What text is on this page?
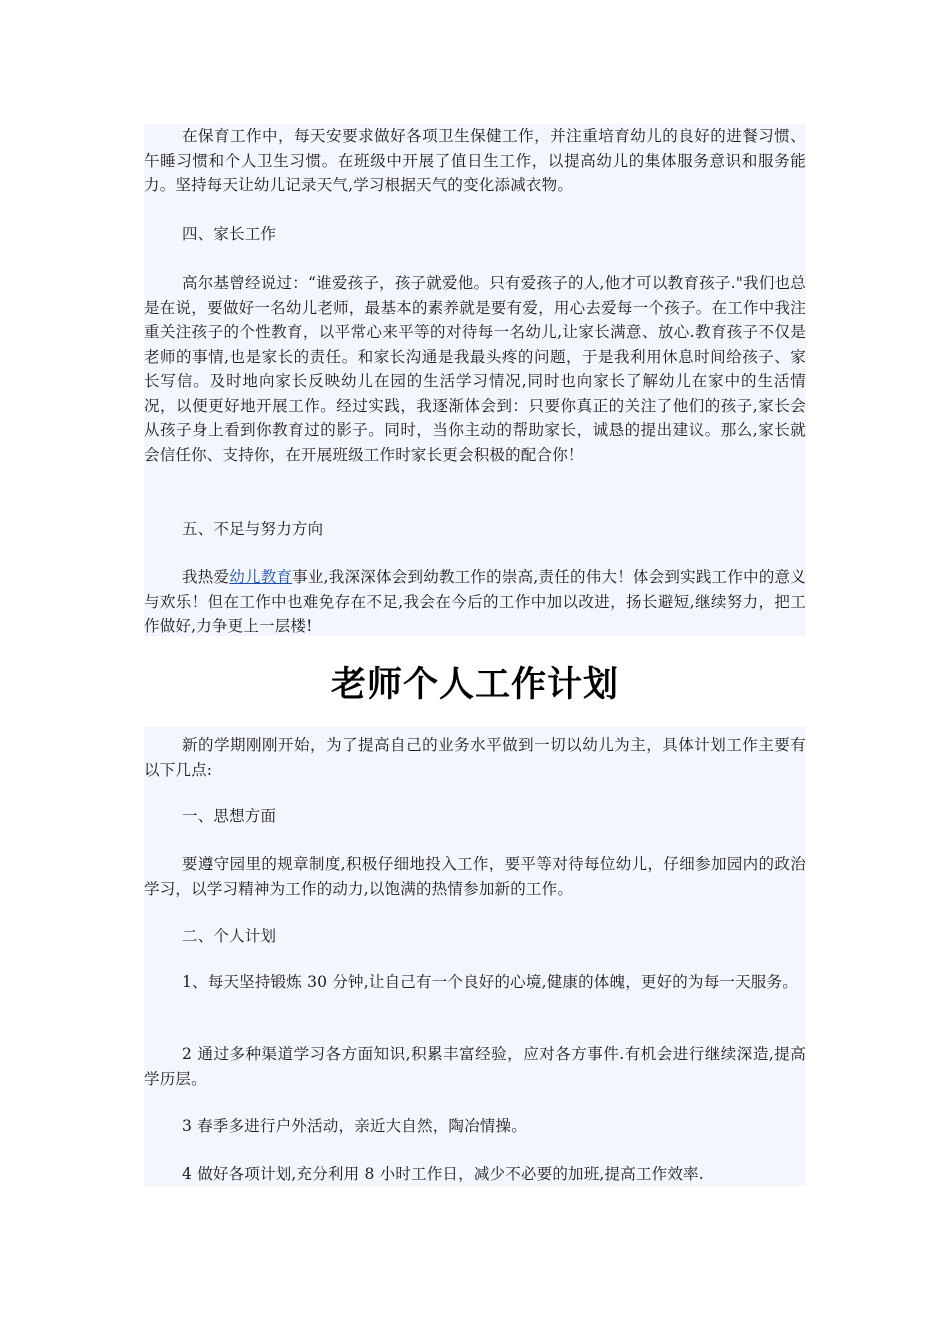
在保育工作中，每天安要求做好各项卫生保健工作，并注重培育幼儿的良好的进餐习惯、午睡习惯和个人卫生习惯。在班级中开展了值日生工作，以提高幼儿的集体服务意识和服务能力。坚持每天让幼儿记录天气,学习根据天气的变化添减衣物。

四、家长工作

高尔基曾经说过：“谁爱孩子，孩子就爱他。只有爱孩子的人,他才可以教育孩子."我们也总是在说，要做好一名幼儿老师，最基本的素养就是要有爱，用心去爱每一个孩子。在工作中我注重关注孩子的个性教育，以平常心来平等的对待每一名幼儿,让家长满意、放心.教育孩子不仅是老师的事情,也是家长的责任。和家长沟通是我最头疼的问题，于是我利用休息时间给孩子、家长写信。及时地向家长反映幼儿在园的生活学习情况,同时也向家长了解幼儿在家中的生活情况，以便更好地开展工作。经过实践，我逐渐体会到：只要你真正的关注了他们的孩子,家长会从孩子身上看到你教育过的影子。同时，当你主动的帮助家长，诚恳的提出建议。那么,家长就会信任你、支持你，在开展班级工作时家长更会积极的配合你！

五、不足与努力方向

我热爱幼儿教育事业,我深深体会到幼教工作的崇高,责任的伟大！体会到实践工作中的意义与欢乐！但在工作中也难免存在不足,我会在今后的工作中加以改进，扬长避短,继续努力，把工作做好,力争更上一层楼!

老师个人工作计划

新的学期刚刚开始，为了提高自己的业务水平做到一切以幼儿为主，具体计划工作主要有以下几点:

一、思想方面

要遵守园里的规章制度,积极仔细地投入工作，要平等对待每位幼儿，仔细参加园内的政治学习，以学习精神为工作的动力,以饱满的热情参加新的工作。

二、个人计划

1、每天坚持锻炼 30 分钟,让自己有一个良好的心境,健康的体魄，更好的为每一天服务。

2 通过多种渠道学习各方面知识,积累丰富经验，应对各方事件.有机会进行继续深造,提高学历层。

3 春季多进行户外活动，亲近大自然，陶冶情操。

4 做好各项计划,充分利用 8 小时工作日，减少不必要的加班,提高工作效率.
